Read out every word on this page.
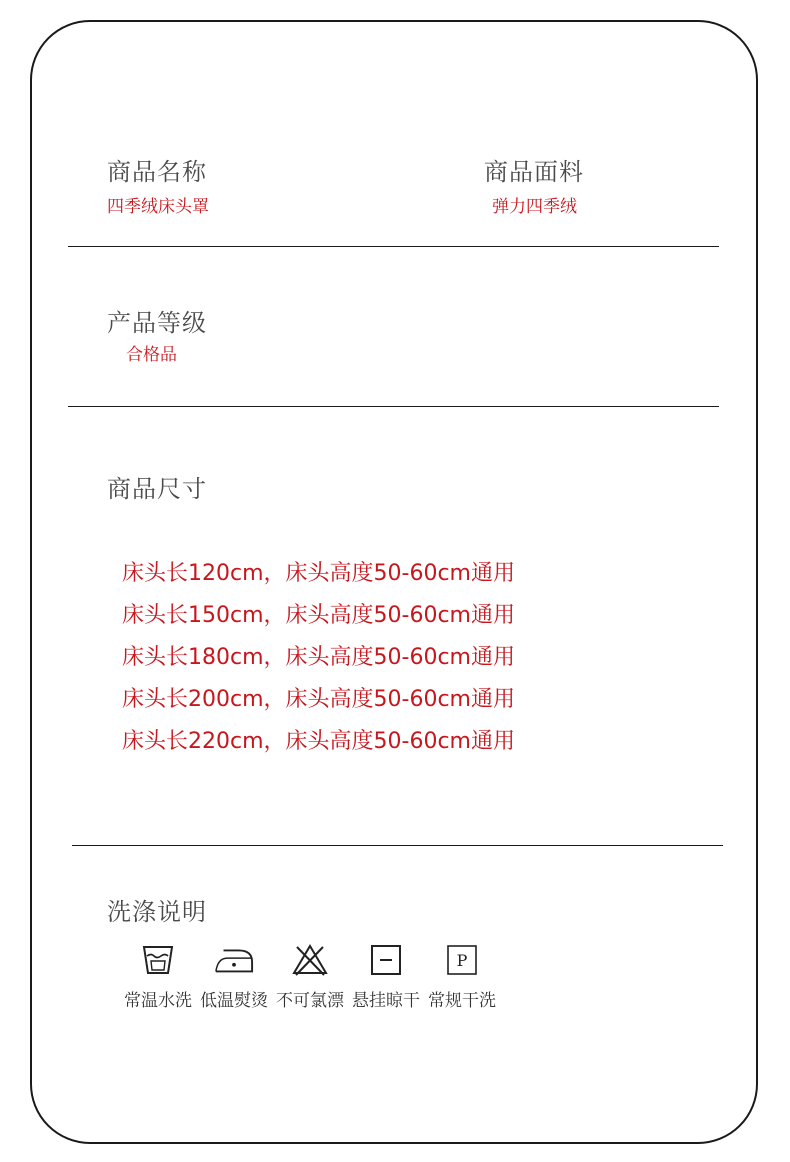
商品名称
四季绒床头罩
商品面料
弹力四季绒
产品等级
合格品
商品尺寸
床头长120cm，床头高度50-60cm通用
床头长150cm，床头高度50-60cm通用
床头长180cm，床头高度50-60cm通用
床头长200cm，床头高度50-60cm通用
床头长220cm，床头高度50-60cm通用
洗涤说明
常温水洗 低温熨烫 不可氯漂 悬挂晾干
P
常规干洗
